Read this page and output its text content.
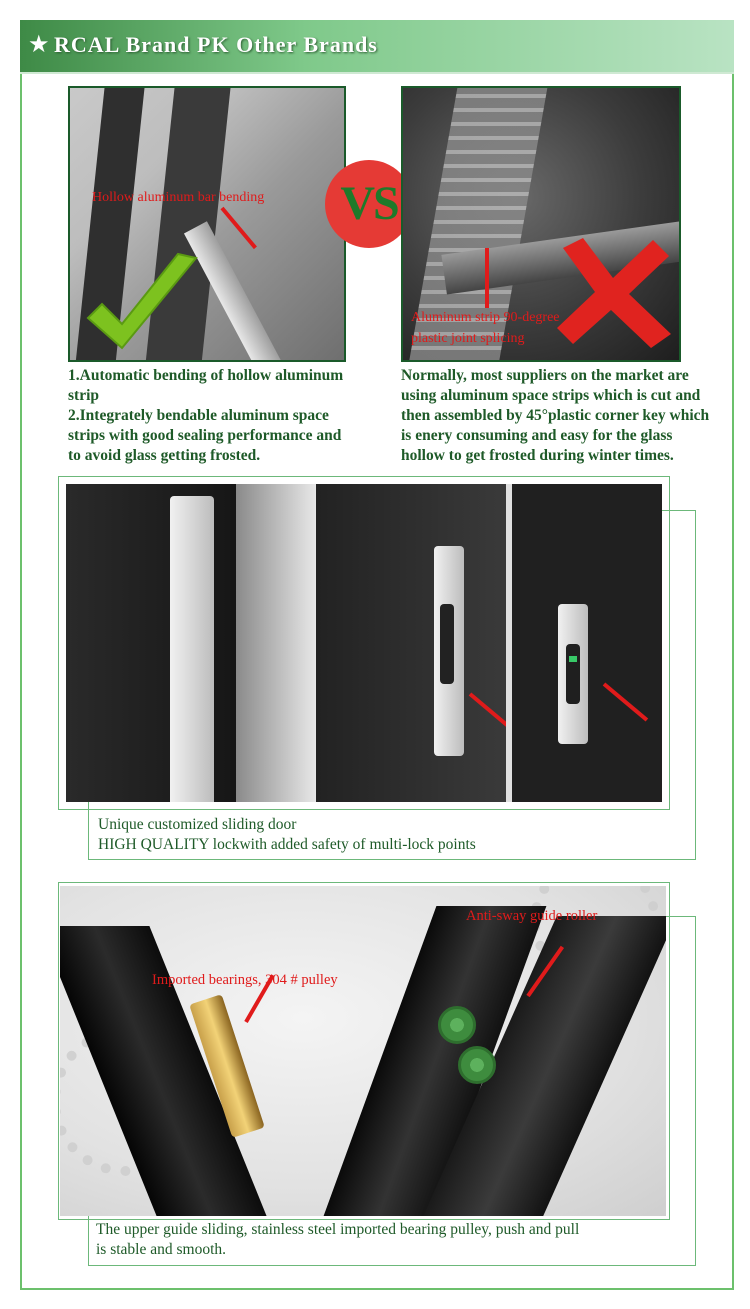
★ RCAL Brand PK Other Brands
Hollow aluminum bar bending	VS
Aluminum strip 90-degree
plastic joint splicing
1.Automatic bending of hollow aluminum
strip
2.Integrately bendable aluminum space
strips with good sealing performance and
to avoid glass getting frosted.
Normally, most suppliers on the market are
using aluminum space strips which is cut and
then assembled by 45°plastic corner key which
is enery consuming and easy for the glass
hollow to get frosted during winter times.
Unique customized sliding door
HIGH QUALITY lockwith added safety of multi-lock points
Imported bearings, 304 # pulley
Anti-sway guide roller
The upper guide sliding, stainless steel imported bearing pulley, push and pull
is stable and smooth.
